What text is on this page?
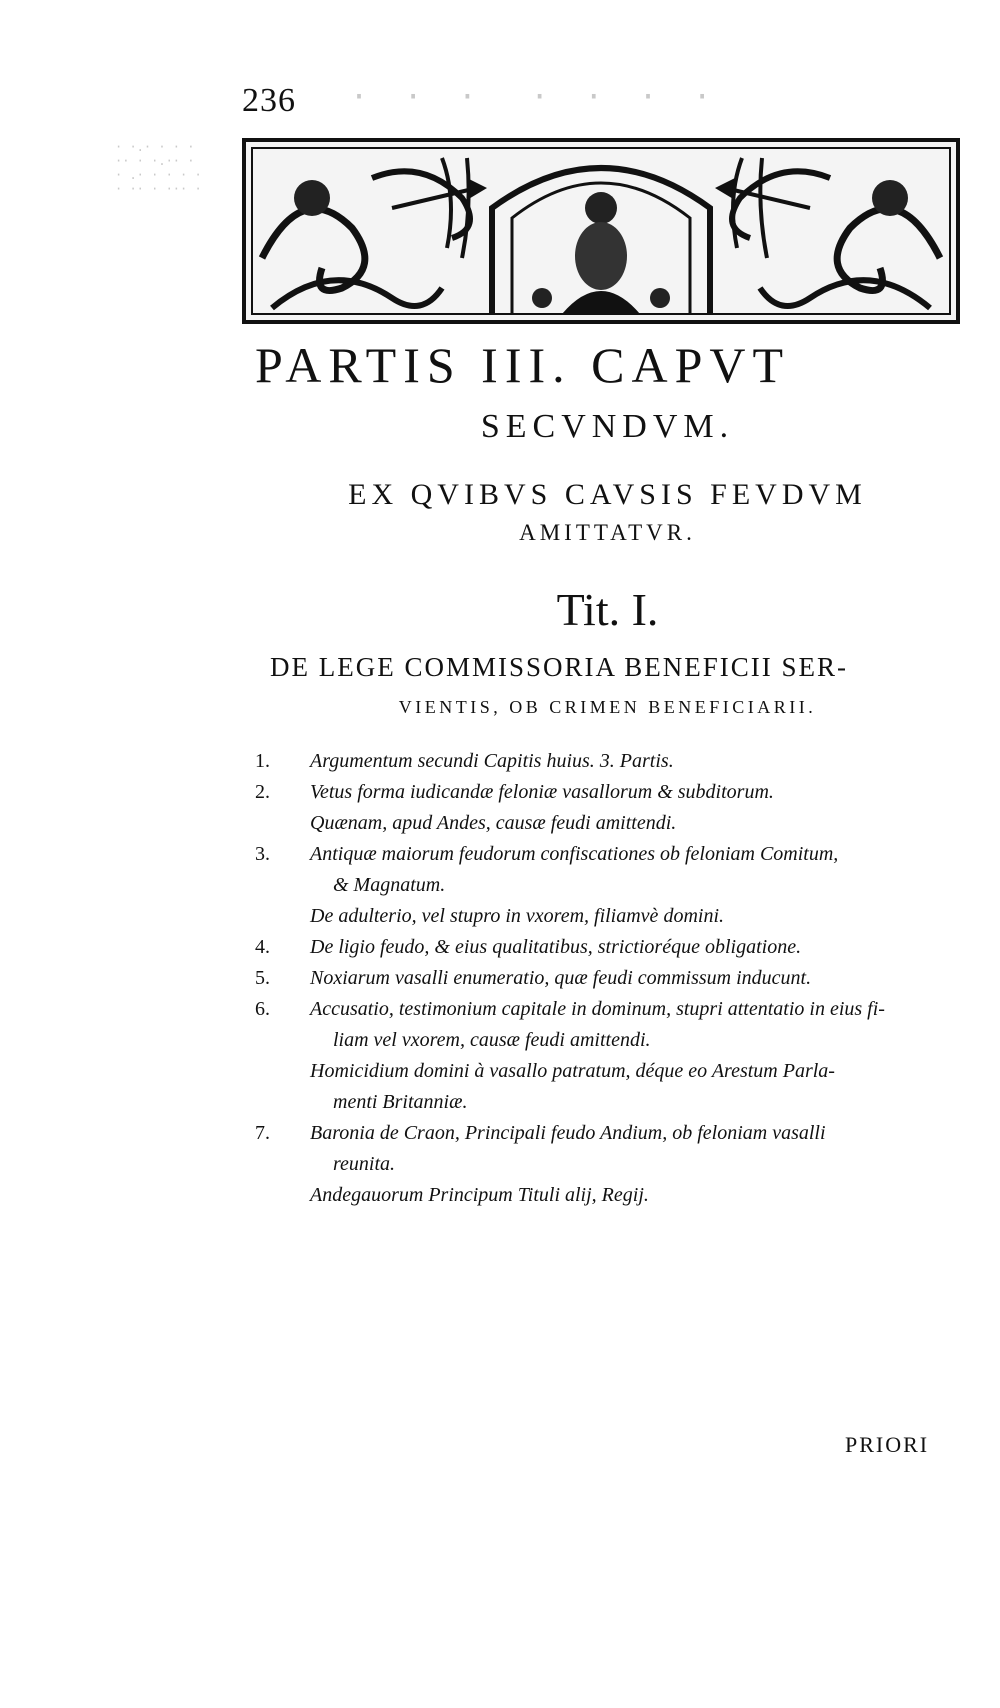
· ·.· · · ·
·· · ·.·· ·
· .· · · · ·
· ·· · ··· ·
·  ·  ·   ·  ·  ·  ·
236
PARTIS III. CAPVT
SECVNDVM.
EX QVIBVS CAVSIS FEVDVM
AMITTATVR.
Tit. I.
DE LEGE COMMISSORIA BENEFICII SER-
VIENTIS, OB CRIMEN BENEFICIARII.
1.	Argumentum secundi Capitis huius. 3. Partis.
2.	Vetus forma iudicandæ feloniæ vasallorum & subditorum.
Quænam, apud Andes, causæ feudi amittendi.
3.	Antiquæ maiorum feudorum confiscationes ob feloniam Comitum,
& Magnatum.
De adulterio, vel stupro in vxorem, filiamvè domini.
4.	De ligio feudo, & eius qualitatibus, strictioréque obligatione.
5.	Noxiarum vasalli enumeratio, quæ feudi commissum inducunt.
6.	Accusatio, testimonium capitale in dominum, stupri attentatio in eius fi-
liam vel vxorem, causæ feudi amittendi.
Homicidium domini à vasallo patratum, déque eo Arestum Parla-
menti Britanniæ.
7.	Baronia de Craon, Principali feudo Andium, ob feloniam vasalli
reunita.
Andegauorum Principum Tituli alij, Regij.
PRIORI
